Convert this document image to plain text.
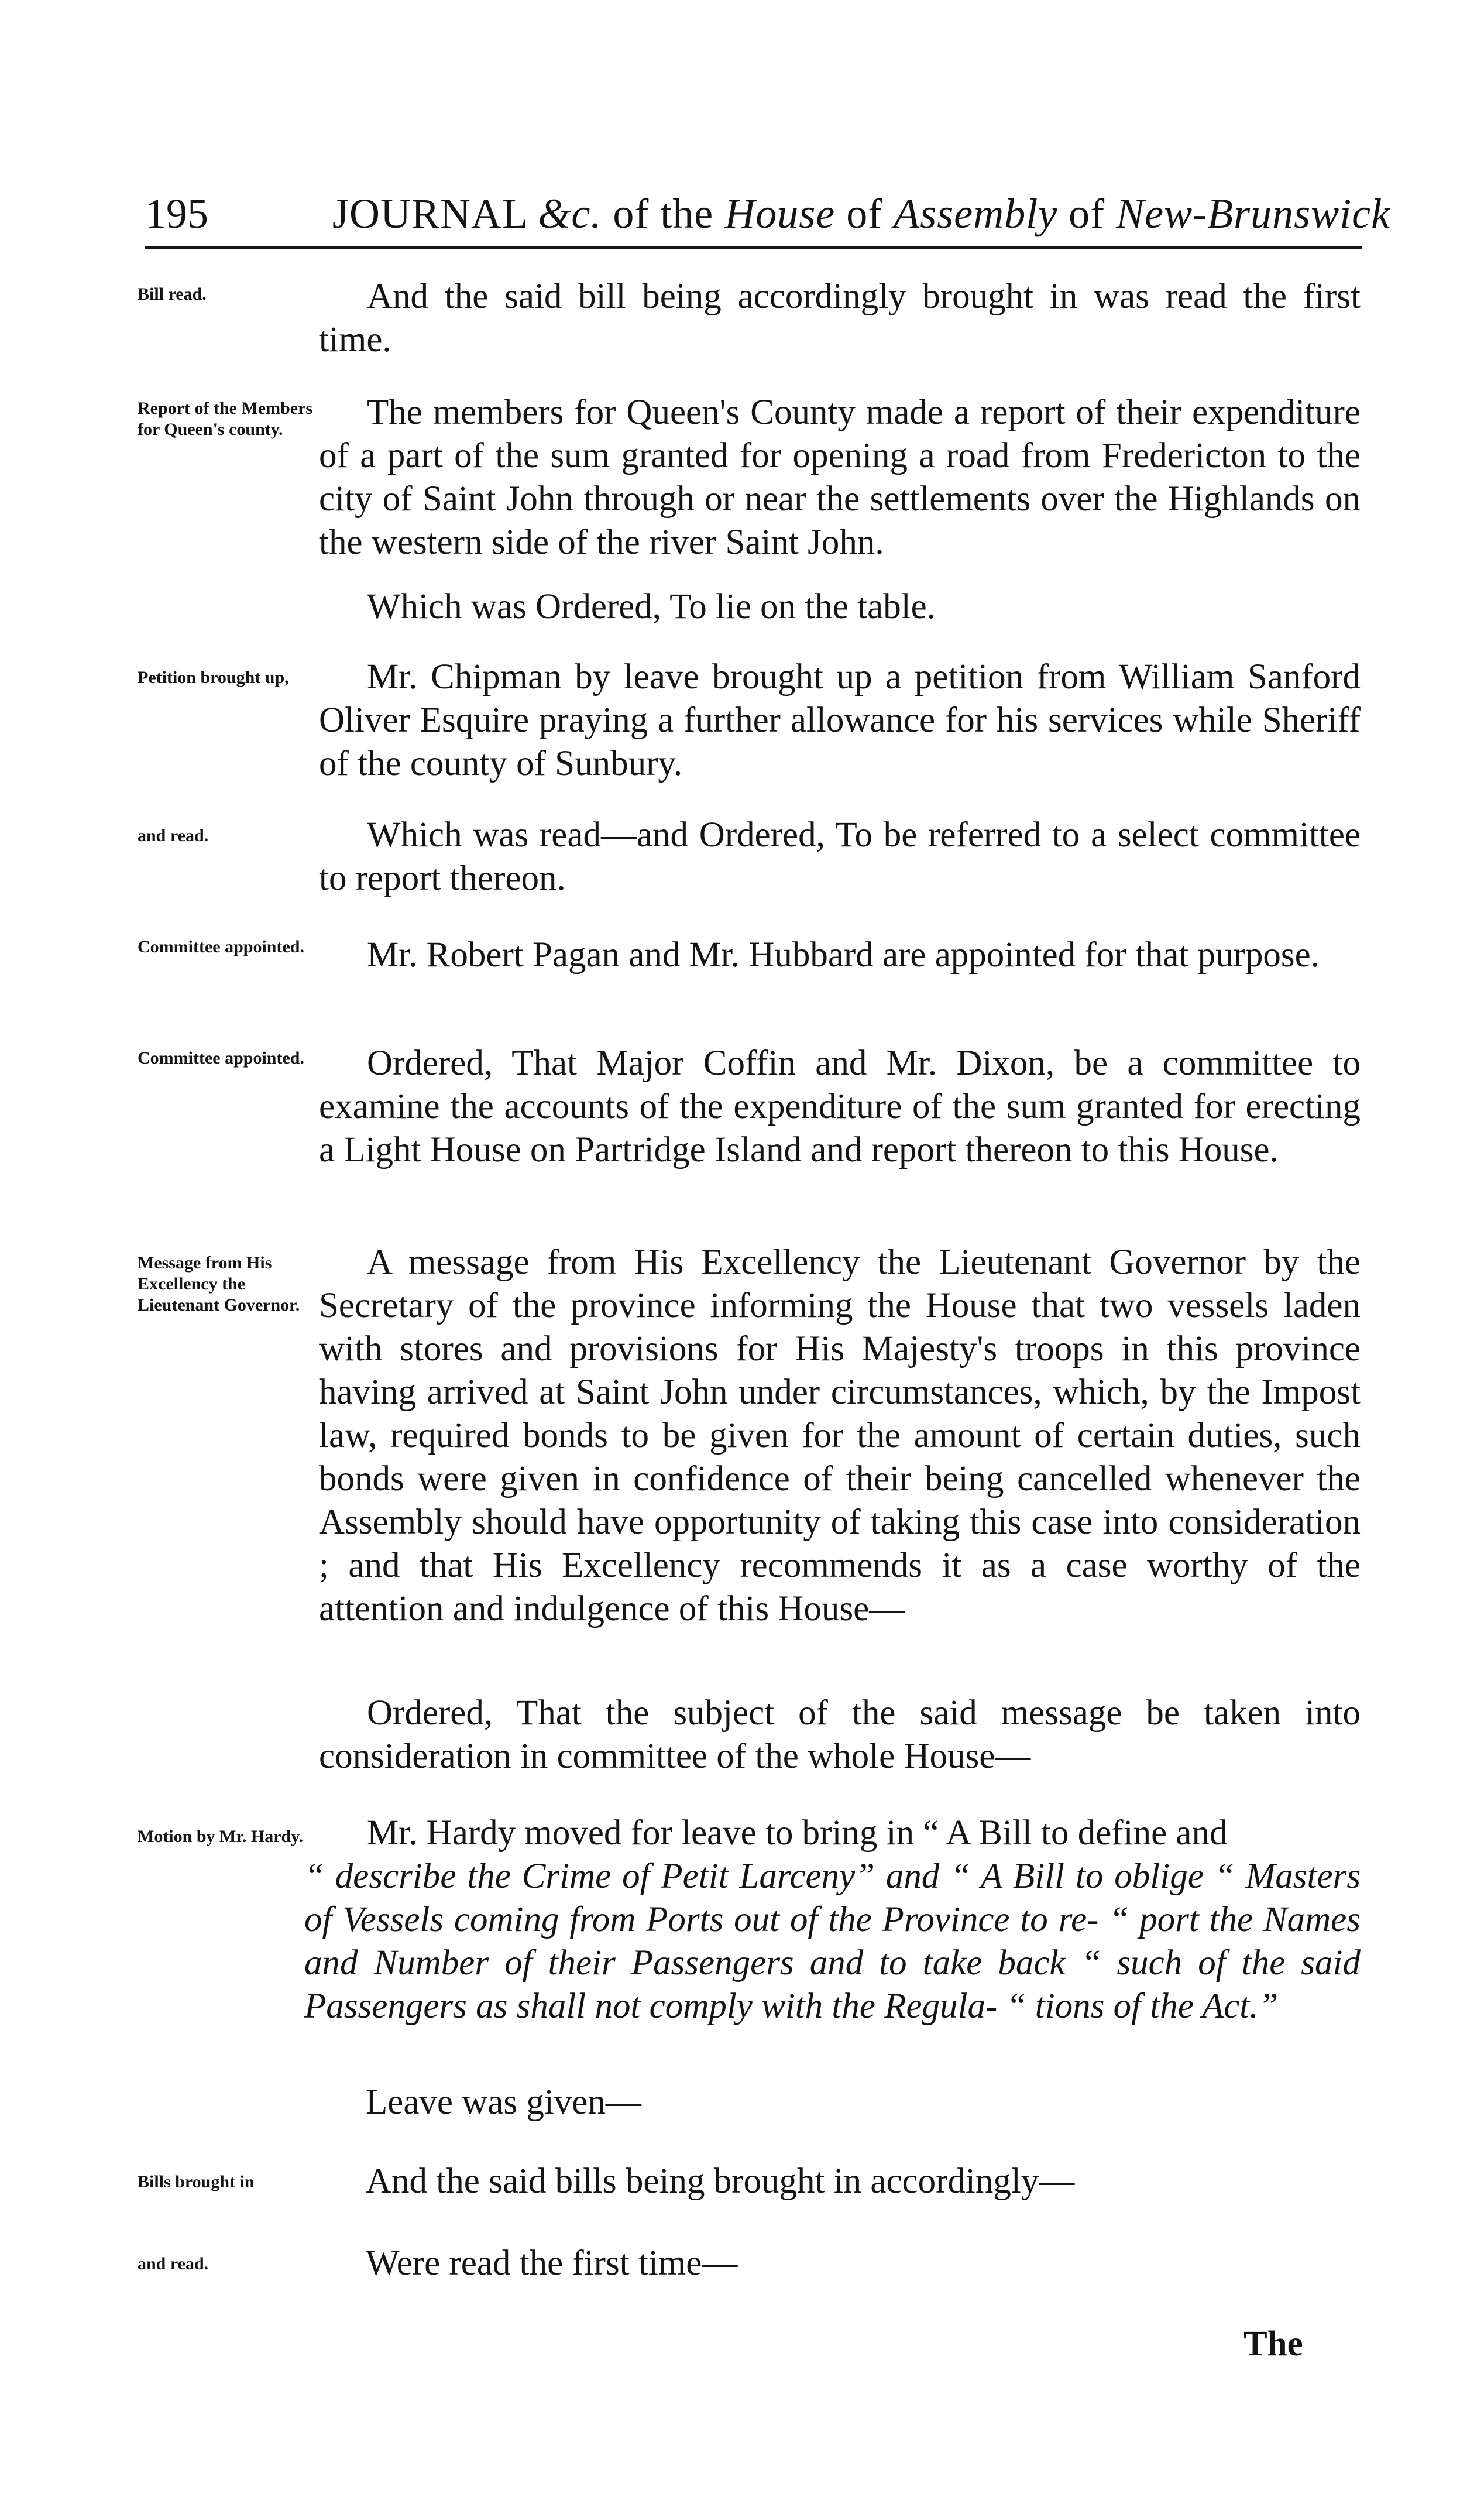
195	JOURNAL &c. of the House of Assembly of New-Brunswick
Bill read.	And the said bill being accordingly brought in was read the first time.
Report of the Members for Queen's county.	The members for Queen's County made a report of their expenditure of a part of the sum granted for opening a road from Fredericton to the city of Saint John through or near the settlements over the Highlands on the western side of the river Saint John.
Which was Ordered, To lie on the table.
Petition brought up,	Mr. Chipman by leave brought up a petition from William Sanford Oliver Esquire praying a further allowance for his services while Sheriff of the county of Sunbury.
and read.	Which was read—and Ordered, To be referred to a select committee to report thereon.
Committee appointed.	Mr. Robert Pagan and Mr. Hubbard are appointed for that purpose.
Committee appointed.	Ordered, That Major Coffin and Mr. Dixon, be a committee to examine the accounts of the expenditure of the sum granted for erecting a Light House on Partridge Island and report thereon to this House.
Message from His Excellency the Lieutenant Governor.
A message from His Excellency the Lieutenant Governor by the Secretary of the province informing the House that two vessels laden with stores and provisions for His Majesty's troops in this province having arrived at Saint John under circumstances, which, by the Impost law, required bonds to be given for the amount of certain duties, such bonds were given in confidence of their being cancelled whenever the Assembly should have opportunity of taking this case into consideration ; and that His Excellency recommends it as a case worthy of the attention and indulgence of this House—
Ordered, That the subject of the said message be taken into consideration in committee of the whole House—
Motion by Mr. Hardy.	Mr. Hardy moved for leave to bring in “ A Bill to define and
“ describe the Crime of Petit Larceny” and “ A Bill to oblige “ Masters of Vessels coming from Ports out of the Province to re- “ port the Names and Number of their Passengers and to take back “ such of the said Passengers as shall not comply with the Regula- “ tions of the Act.”
Leave was given—
Bills brought in	And the said bills being brought in accordingly—
and read.	Were read the first time—
The
